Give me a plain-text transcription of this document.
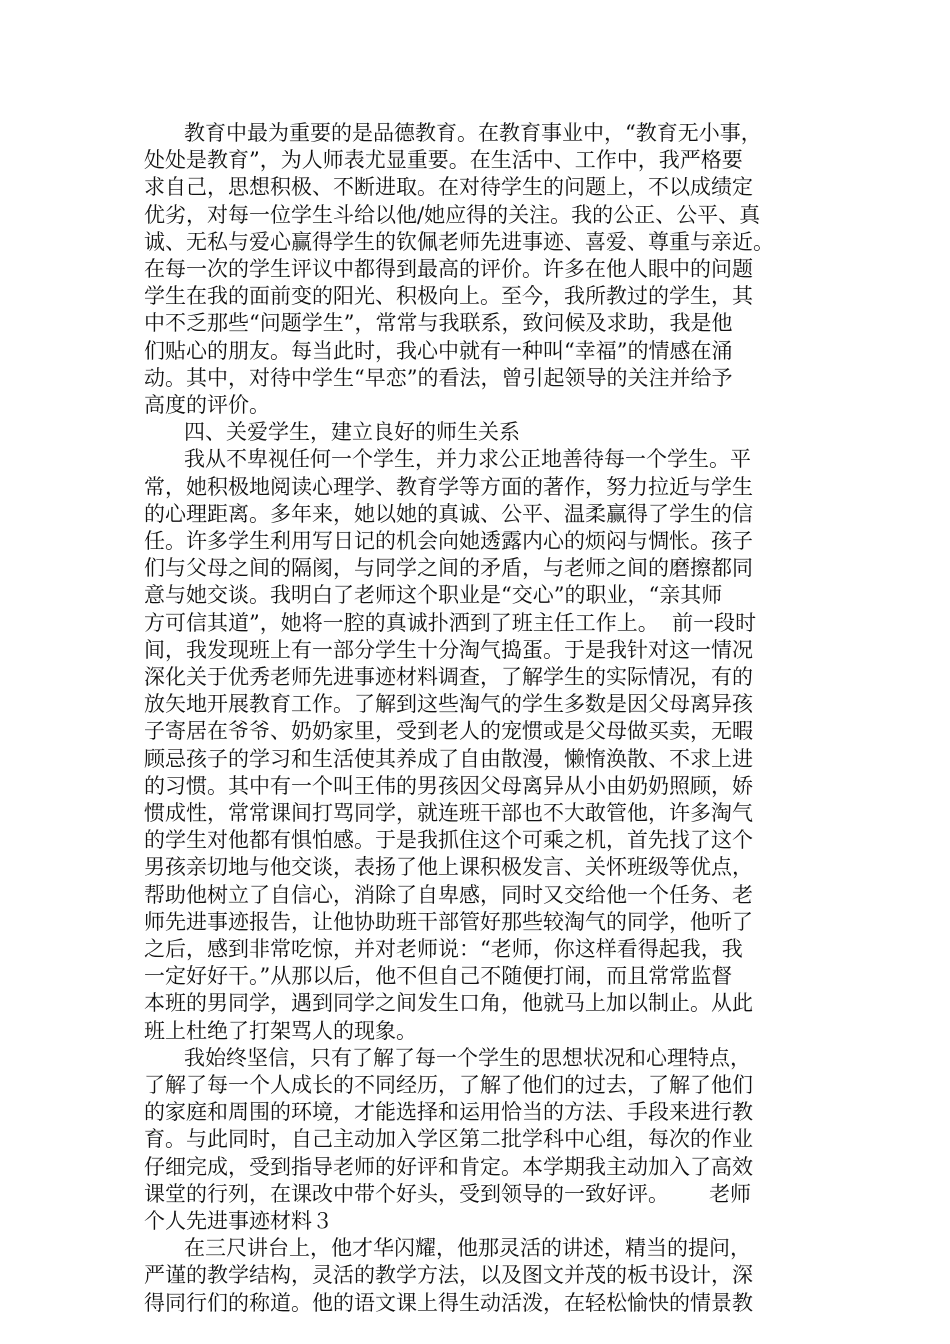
教育中最为重要的是品德教育。在教育事业中，“教育无小事，
处处是教育”，为人师表尤显重要。在生活中、工作中，我严格要
求自己，思想积极、不断进取。在对待学生的问题上，不以成绩定
优劣，对每一位学生斗给以他/她应得的关注。我的公正、公平、真
诚、无私与爱心赢得学生的钦佩老师先进事迹、喜爱、尊重与亲近。
在每一次的学生评议中都得到最高的评价。许多在他人眼中的问题
学生在我的面前变的阳光、积极向上。至今，我所教过的学生，其
中不乏那些“问题学生”，常常与我联系，致问候及求助，我是他
们贴心的朋友。每当此时，我心中就有一种叫“幸福”的情感在涌
动。其中，对待中学生“早恋”的看法，曾引起领导的关注并给予
高度的评价。
四、关爱学生，建立良好的师生关系
我从不卑视任何一个学生，并力求公正地善待每一个学生。平
常，她积极地阅读心理学、教育学等方面的著作，努力拉近与学生
的心理距离。多年来，她以她的真诚、公平、温柔赢得了学生的信
任。许多学生利用写日记的机会向她透露内心的烦闷与惆怅。孩子
们与父母之间的隔阂，与同学之间的矛盾，与老师之间的磨擦都同
意与她交谈。我明白了老师这个职业是“交心”的职业，“亲其师
方可信其道”，她将一腔的真诚扑洒到了班主任工作上。  前一段时
间，我发现班上有一部分学生十分淘气捣蛋。于是我针对这一情况
深化关于优秀老师先进事迹材料调查，了解学生的实际情况，有的
放矢地开展教育工作。了解到这些淘气的学生多数是因父母离异孩
子寄居在爷爷、奶奶家里，受到老人的宠惯或是父母做买卖，无暇
顾忌孩子的学习和生活使其养成了自由散漫，懒惰涣散、不求上进
的习惯。其中有一个叫王伟的男孩因父母离异从小由奶奶照顾，娇
惯成性，常常课间打骂同学，就连班干部也不大敢管他，许多淘气
的学生对他都有惧怕感。于是我抓住这个可乘之机，首先找了这个
男孩亲切地与他交谈，表扬了他上课积极发言、关怀班级等优点，
帮助他树立了自信心，消除了自卑感，同时又交给他一个任务、老
师先进事迹报告，让他协助班干部管好那些较淘气的同学，他听了
之后，感到非常吃惊，并对老师说：“老师，你这样看得起我，我
一定好好干。”从那以后，他不但自己不随便打闹，而且常常监督
本班的男同学，遇到同学之间发生口角，他就马上加以制止。从此
班上杜绝了打架骂人的现象。
我始终坚信，只有了解了每一个学生的思想状况和心理特点，
了解了每一个人成长的不同经历，了解了他们的过去，了解了他们
的家庭和周围的环境，才能选择和运用恰当的方法、手段来进行教
育。与此同时，自己主动加入学区第二批学科中心组，每次的作业
仔细完成，受到指导老师的好评和肯定。本学期我主动加入了高效
课堂的行列，在课改中带个好头，受到领导的一致好评。      老师
个人先进事迹材料３
在三尺讲台上，他才华闪耀，他那灵活的讲述，精当的提问，
严谨的教学结构，灵活的教学方法，以及图文并茂的板书设计，深
得同行们的称道。他的语文课上得生动活泼，在轻松愉快的情景教
